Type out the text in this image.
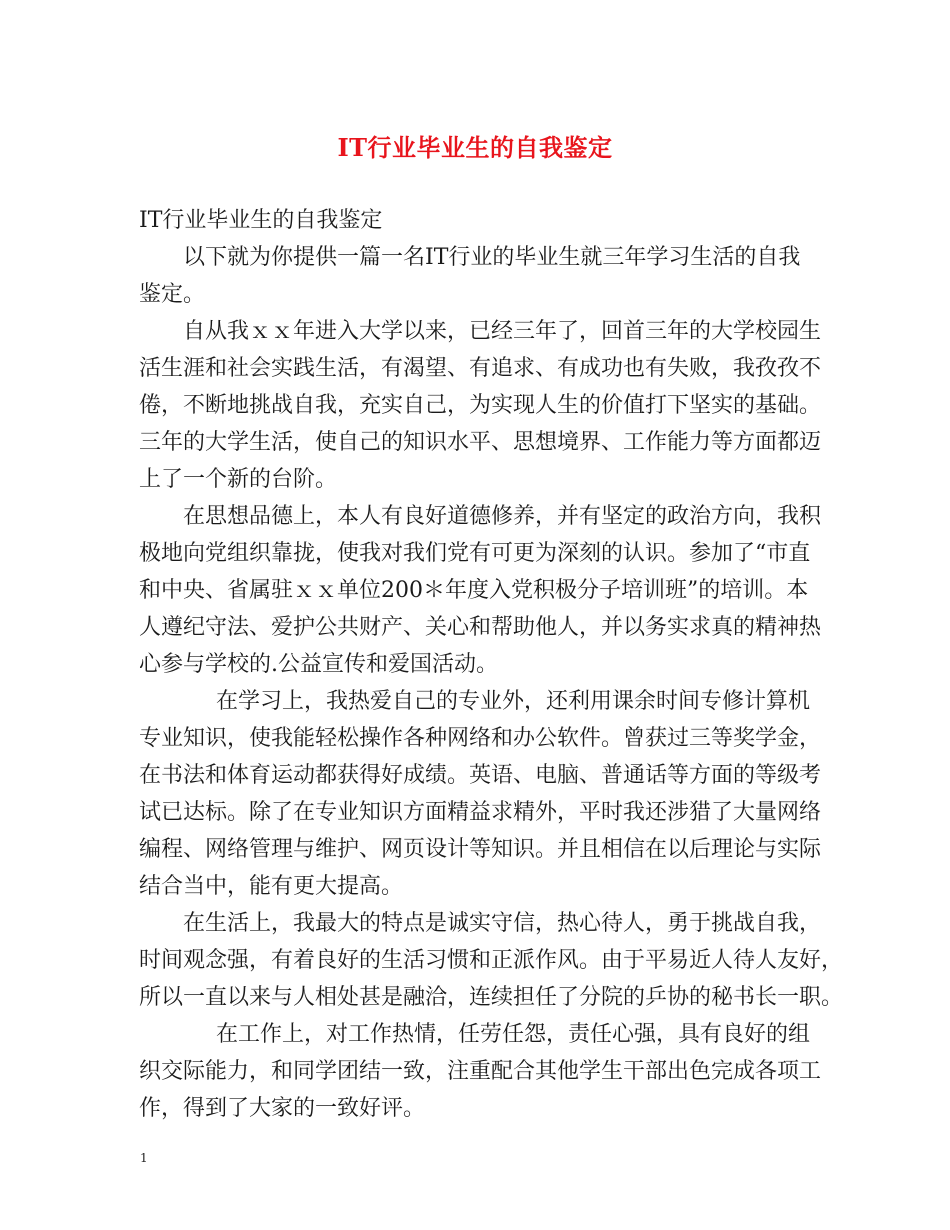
IT行业毕业生的自我鉴定
IT行业毕业生的自我鉴定
以下就为你提供一篇一名IT行业的毕业生就三年学习生活的自我
鉴定。
自从我ｘｘ年进入大学以来，已经三年了，回首三年的大学校园生
活生涯和社会实践生活，有渴望、有追求、有成功也有失败，我孜孜不
倦，不断地挑战自我，充实自己，为实现人生的价值打下坚实的基础。
三年的大学生活，使自己的知识水平、思想境界、工作能力等方面都迈
上了一个新的台阶。
在思想品德上，本人有良好道德修养，并有坚定的政治方向，我积
极地向党组织靠拢，使我对我们党有可更为深刻的认识。参加了“市直
和中央、省属驻ｘｘ单位200＊年度入党积极分子培训班”的培训。本
人遵纪守法、爱护公共财产、关心和帮助他人，并以务实求真的精神热
心参与学校的.公益宣传和爱国活动。
在学习上，我热爱自己的专业外，还利用课余时间专修计算机
专业知识，使我能轻松操作各种网络和办公软件。曾获过三等奖学金，
在书法和体育运动都获得好成绩。英语、电脑、普通话等方面的等级考
试已达标。除了在专业知识方面精益求精外，平时我还涉猎了大量网络
编程、网络管理与维护、网页设计等知识。并且相信在以后理论与实际
结合当中，能有更大提高。
在生活上，我最大的特点是诚实守信，热心待人，勇于挑战自我，
时间观念强，有着良好的生活习惯和正派作风。由于平易近人待人友好，
所以一直以来与人相处甚是融洽，连续担任了分院的乒协的秘书长一职。
在工作上，对工作热情，任劳任怨，责任心强，具有良好的组
织交际能力，和同学团结一致，注重配合其他学生干部出色完成各项工
作，得到了大家的一致好评。
1
